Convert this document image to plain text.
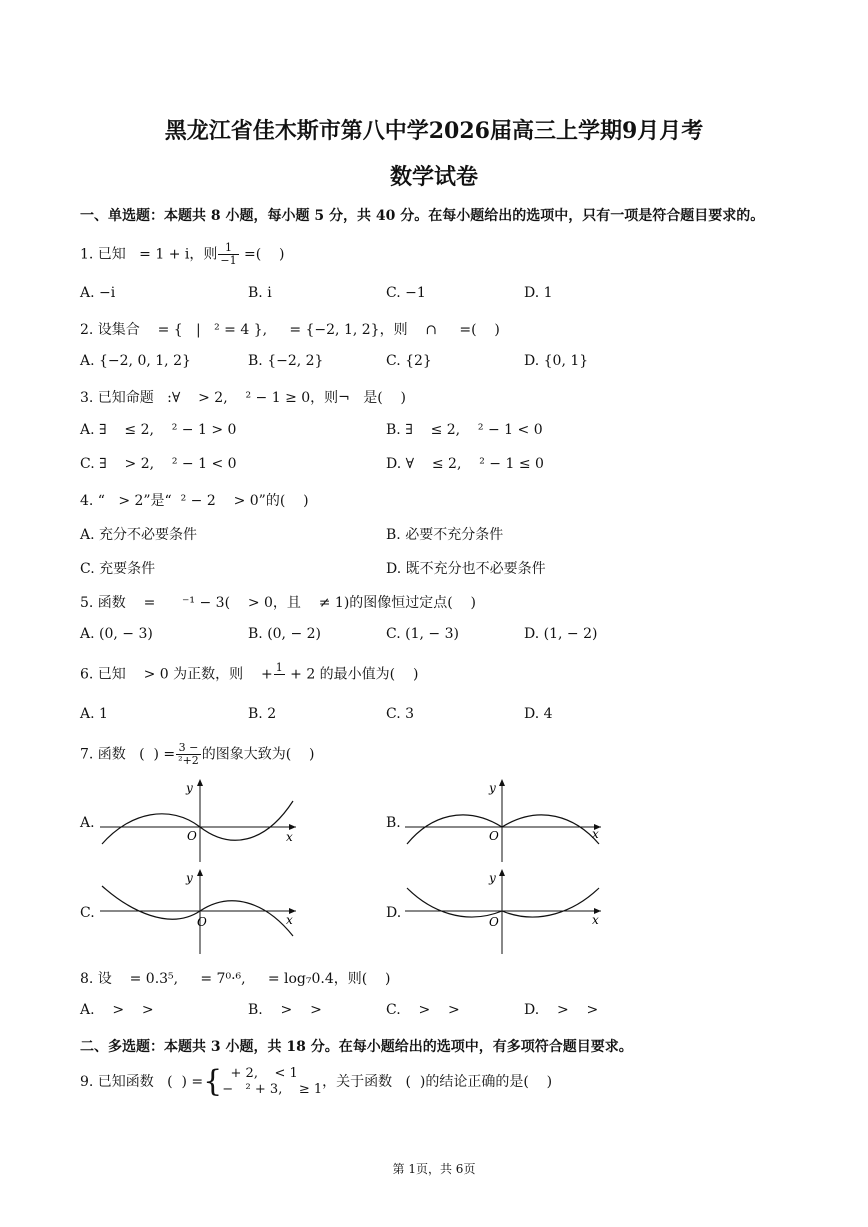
黑龙江省佳木斯市第八中学2026届高三上学期9月月考
数学试卷
一、单选题：本题共 8 小题，每小题 5 分，共 40 分。在每小题给出的选项中，只有一项是符合题目要求的。
1. 已知   = 1 + i，则 $\frac{1}{-1}$ =(    )
A. −i	B. i	C. −1	D. 1
2. 设集合    = {   |   ² = 4 },     = {−2, 1, 2}，则    ∩     =(    )
A. {−2, 0, 1, 2}	B. {−2, 2}	C. {2}	D. {0, 1}
3. 已知命题   :∀    > 2,    ² − 1 ≥ 0，则¬   是(    )
A. ∃    ≤ 2,    ² − 1 > 0	B. ∃    ≤ 2,    ² − 1 < 0
C. ∃    > 2,    ² − 1 < 0	D. ∀    ≤ 2,    ² − 1 ≤ 0
4. “   > 2”是“  ² − 2    > 0”的(    )
A. 充分不必要条件	B. 必要不充分条件
C. 充要条件	D. 既不充分也不必要条件
5. 函数    =      ⁻¹ − 3(    > 0，且    ≠ 1)的图像恒过定点(    )
A. (0, − 3)	B. (0, − 2)	C. (1, − 3)	D. (1, − 2)
6. 已知    > 0 为正数，则    + 1
+ 2 的最小值为(    )
A. 1	B. 2	C. 3	D. 4
7. 函数   (  ) = $\frac{3 -}{\text{²+2}}$ 的图象大致为(    )
A.	B.
C.	D.
y
x
O
y
x
O
y
x
O
y
x
O
8. 设    = 0.3⁵,     = 7⁰·⁶,     = log₇0.4，则(    )
A.    >    >	B.    >    >	C.    >    >	D.    >    >
二、多选题：本题共 3 小题，共 18 分。在每小题给出的选项中，有多项符合题目要求。
9. 已知函数   (  ) ={ + 2,    < 1
−   ² + 3,    ≥ 1 ，关于函数   (  )的结论正确的是(    )
第 1页，共 6页
